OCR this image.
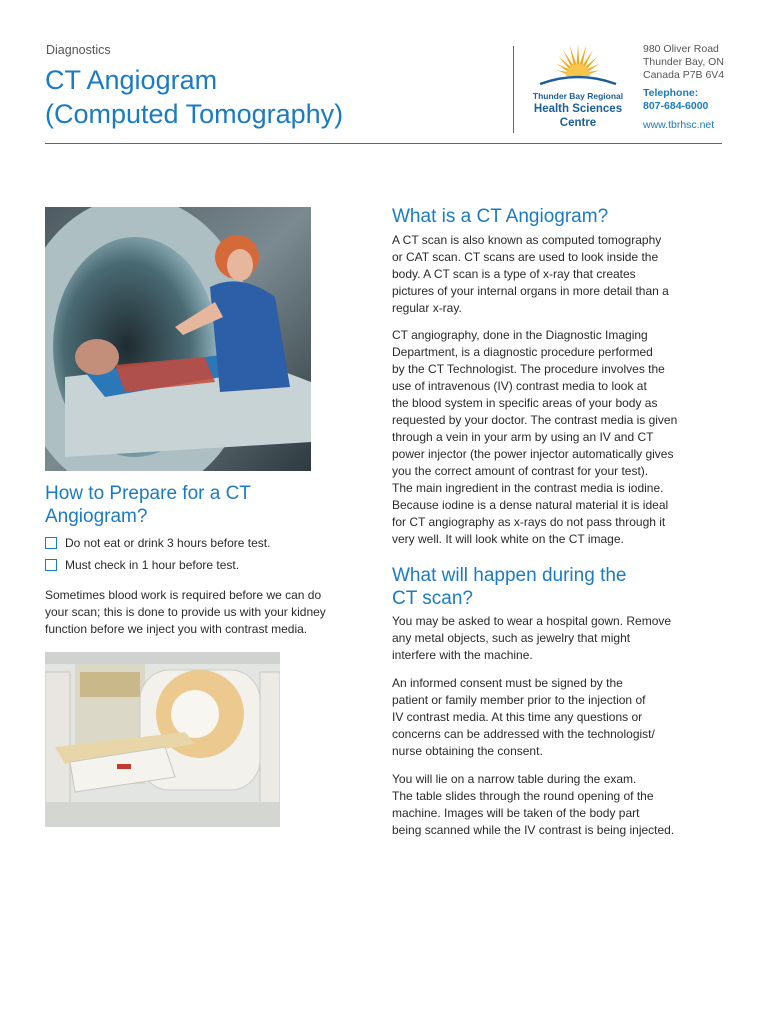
Diagnostics
CT Angiogram
(Computed Tomography)
Thunder Bay Regional
Health Sciences
Centre
980 Oliver Road
Thunder Bay, ON
Canada P7B 6V4
Telephone:
807-684-6000
www.tbrhsc.net
How to Prepare for a CT
Angiogram?
Do not eat or drink 3 hours before test.
Must check in 1 hour before test.
Sometimes blood work is required before we can do
your scan; this is done to provide us with your kidney
function before we inject you with contrast media.
What is a CT Angiogram?
A CT scan is also known as computed tomography
or CAT scan. CT scans are used to look inside the
body. A CT scan is a type of x-ray that creates
pictures of your internal organs in more detail than a
regular x-ray.
CT angiography, done in the Diagnostic Imaging
Department, is a diagnostic procedure performed
by the CT Technologist. The procedure involves the
use of intravenous (IV) contrast media to look at
the blood system in specific areas of your body as
requested by your doctor. The contrast media is given
through a vein in your arm by using an IV and CT
power injector (the power injector automatically gives
you the correct amount of contrast for your test).
The main ingredient in the contrast media is iodine.
Because iodine is a dense natural material it is ideal
for CT angiography as x-rays do not pass through it
very well. It will look white on the CT image.
What will happen during the
CT scan?
You may be asked to wear a hospital gown. Remove
any metal objects, such as jewelry that might
interfere with the machine.
An informed consent must be signed by the
patient or family member prior to the injection of
IV contrast media. At this time any questions or
concerns can be addressed with the technologist/
nurse obtaining the consent.
You will lie on a narrow table during the exam.
The table slides through the round opening of the
machine. Images will be taken of the body part
being scanned while the IV contrast is being injected.
